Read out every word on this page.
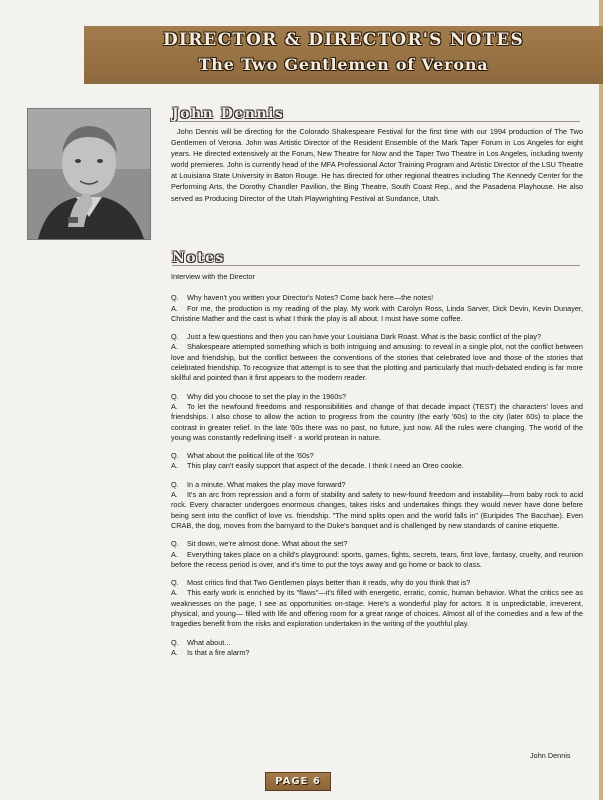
DIRECTOR & DIRECTOR'S NOTES
The Two Gentlemen of Verona
John Dennis
John Dennis will be directing for the Colorado Shakespeare Festival for the first time with our 1994 production of The Two Gentlemen of Verona. John was Artistic Director of the Resident Ensemble of the Mark Taper Forum in Los Angeles for eight years. He directed extensively at the Forum, New Theatre for Now and the Taper Two Theatre in Los Angeles, including twenty world premieres. John is currently head of the MFA Professional Actor Training Program and Artistic Director of the LSU Theatre at Louisiana State University in Baton Rouge. He has directed for other regional theatres including The Kennedy Center for the Performing Arts, the Dorothy Chandler Pavilion, the Bing Theatre, South Coast Rep., and the Pasadena Playhouse. He also served as Producing Director of the Utah Playwrighting Festival at Sundance, Utah.
Notes

Interview with the Director

Q. Why haven't you written your Director's Notes? Come back here—the notes!

A. For me, the production is my reading of the play. My work with Carolyn Ross, Linda Sarver, Dick Devin, Kevin Dunayer, Christine Mather and the cast is what I think the play is all about. I must have some coffee.

Q. Just a few questions and then you can have your Louisiana Dark Roast. What is the basic conflict of the play?

A. Shakespeare attempted something which is both intriguing and amusing: to reveal in a single plot, not the conflict between love and friendship, but the conflict between the conventions of the stories that celebrated love and those of the stories that celebrated friendship. To recognize that attempt is to see that the plotting and particularly that much-debated ending is far more skillful and pointed than it first appears to the modern reader.

Q. Why did you choose to set the play in the 1960s?

A. To let the newfound freedoms and responsibilities and change of that decade impact (TEST) the characters' loves and friendships. I also chose to allow the action to progress from the country (the early '60s) to the city (later 60s) to place the contrast in greater relief. In the late '60s there was no past, no future, just now. All the rules were changing. The world of the young was constantly redefining itself - a world protean in nature.

Q. What about the political life of the '60s?

A. This play can't easily support that aspect of the decade. I think I need an Oreo cookie.

Q. In a minute. What makes the play move forward?

A. It's an arc from repression and a form of stability and safety to new-found freedom and instability—from baby rock to acid rock. Every character undergoes enormous changes, takes risks and undertakes things they would never have done before being sent into the conflict of love vs. friendship. "The mind splits open and the world falls in" (Euripides The Bacchae). Even CRAB, the dog, moves from the barnyard to the Duke's banquet and is challenged by new standards of canine etiquette.

Q. Sit down, we're almost done. What about the set?

A. Everything takes place on a child's playground: sports, games, fights, secrets, tears, first love, fantasy, cruelty, and reunion before the recess period is over, and it's time to put the toys away and go home or back to class.

Q. Most critics find that Two Gentlemen plays better than it reads, why do you think that is?

A. This early work is enriched by its "flaws"—it's filled with energetic, erratic, comic, human behavior. What the critics see as weaknesses on the page, I see as opportunities on-stage. Here's a wonderful play for actors. It is unpredictable, irreverent, physical, and young— filled with life and offering room for a great range of choices. Almost all of the comedies and a few of the tragedies benefit from the risks and exploration undertaken in the writing of the youthful play.

Q. What about...

A. Is that a fire alarm?

John Dennis
PAGE 6
